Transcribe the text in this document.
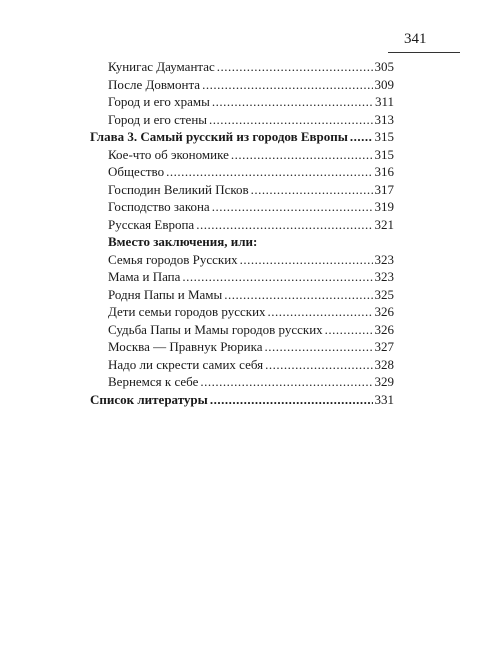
341
Кунигас Даумантас .....	305
После Довмонта .....	309
Город и его храмы .....	311
Город и его стены .....	313
Глава 3. Самый русский из городов Европы ..... 315
Кое-что об экономике .....	315
Общество .....	316
Господин Великий Псков .....	317
Господство закона .....	319
Русская Европа .....	321
Вместо заключения, или:
Семья городов Русских .....	323
Мама и Папа .....	323
Родня Папы и Мамы .....	325
Дети семьи городов русских .....	326
Судьба Папы и Мамы городов русских .....	326
Москва — Правнук Рюрика .....	327
Надо ли скрести самих себя .....	328
Вернемся к себе .....	329
Список литературы .....	331
